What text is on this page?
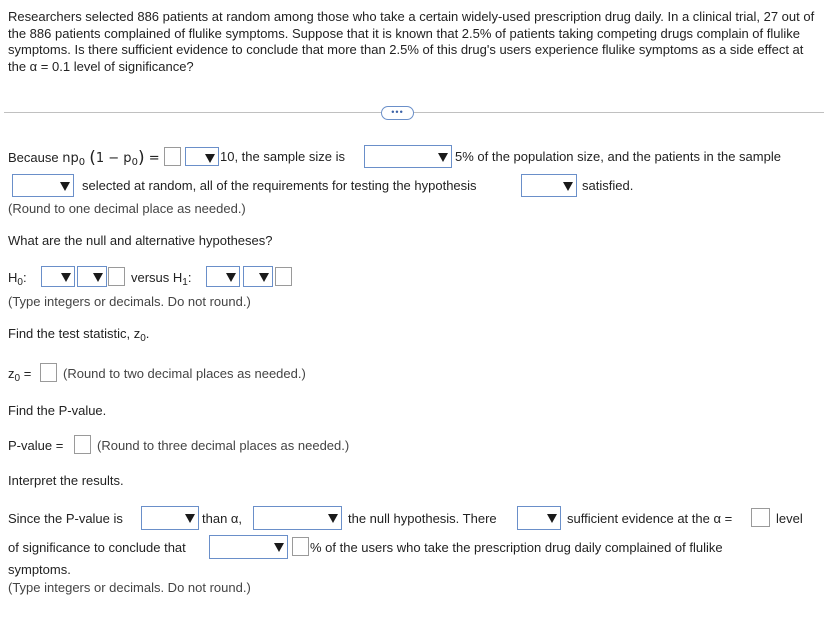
Researchers selected 886 patients at random among those who take a certain widely-used prescription drug daily. In a clinical trial, 27 out of the 886 patients complained of flulike symptoms. Suppose that it is known that 2.5% of patients taking competing drugs complain of flulike symptoms. Is there sufficient evidence to conclude that more than 2.5% of this drug's users experience flulike symptoms as a side effect at the α = 0.1 level of significance?
•••
Because $np_0$ $(1 - p_0)$ =	10, the sample size is	5% of the population size, and the patients in the sample
selected at random, all of the requirements for testing the hypothesis	satisfied.
(Round to one decimal place as needed.)
What are the null and alternative hypotheses?
$H_0$:	versus $H_1$:
(Type integers or decimals. Do not round.)
Find the test statistic, $z_0$.
$z_0$ = (Round to two decimal places as needed.)
Find the P-value.
P-value =	(Round to three decimal places as needed.)
Interpret the results.
Since the P-value is	than α,	the null hypothesis. There	sufficient evidence at the α =	level
of significance to conclude that	% of the users who take the prescription drug daily complained of flulike
symptoms.
(Type integers or decimals. Do not round.)
